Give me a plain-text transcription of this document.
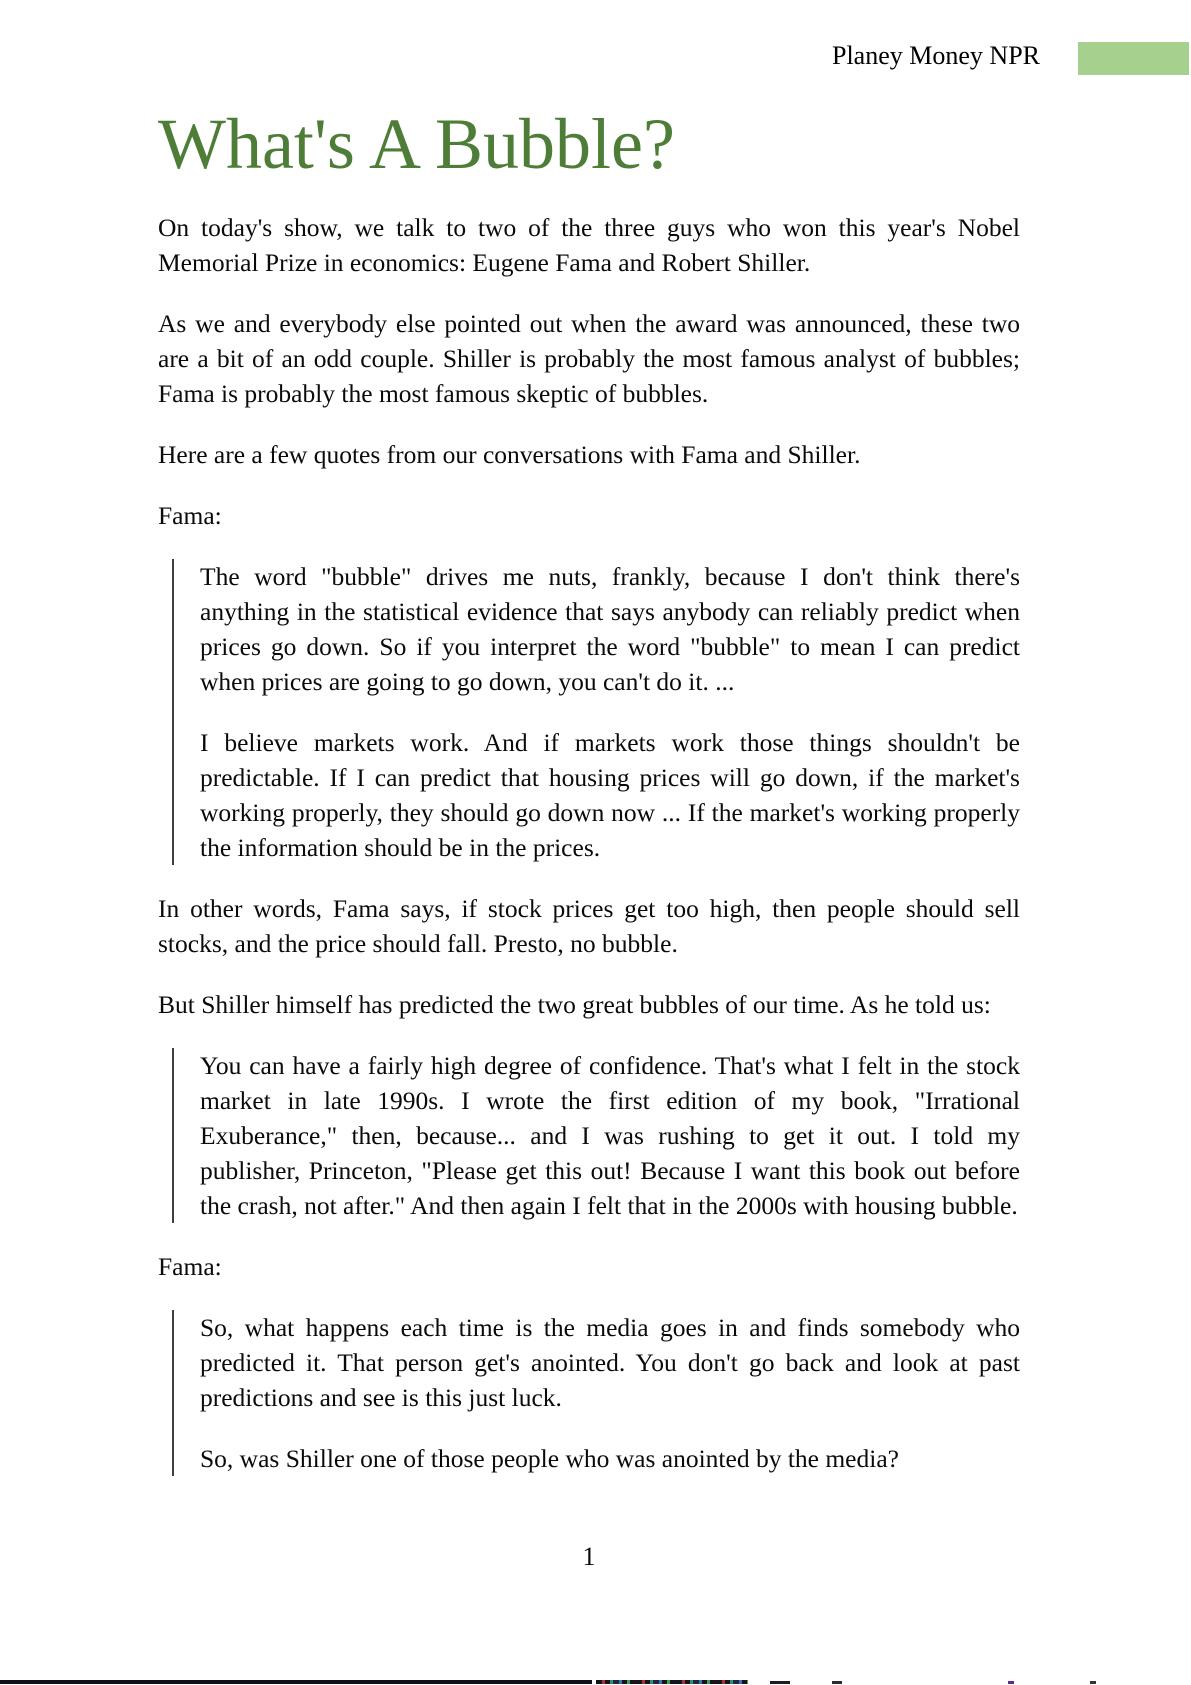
Planey Money NPR
What's A Bubble?

On today's show, we talk to two of the three guys who won this year's Nobel Memorial Prize in economics: Eugene Fama and Robert Shiller.

As we and everybody else pointed out when the award was announced, these two are a bit of an odd couple. Shiller is probably the most famous analyst of bubbles; Fama is probably the most famous skeptic of bubbles.

Here are a few quotes from our conversations with Fama and Shiller.

Fama:

The word "bubble" drives me nuts, frankly, because I don't think there's anything in the statistical evidence that says anybody can reliably predict when prices go down. So if you interpret the word "bubble" to mean I can predict when prices are going to go down, you can't do it. ...

I believe markets work. And if markets work those things shouldn't be predictable. If I can predict that housing prices will go down, if the market's working properly, they should go down now ... If the market's working properly the information should be in the prices.

In other words, Fama says, if stock prices get too high, then people should sell stocks, and the price should fall. Presto, no bubble.

But Shiller himself has predicted the two great bubbles of our time. As he told us:

You can have a fairly high degree of confidence. That's what I felt in the stock market in late 1990s. I wrote the first edition of my book, "Irrational Exuberance," then, because... and I was rushing to get it out. I told my publisher, Princeton, "Please get this out! Because I want this book out before the crash, not after." And then again I felt that in the 2000s with housing bubble.

Fama:

So, what happens each time is the media goes in and finds somebody who predicted it. That person get's anointed. You don't go back and look at past predictions and see is this just luck.

So, was Shiller one of those people who was anointed by the media?

1
